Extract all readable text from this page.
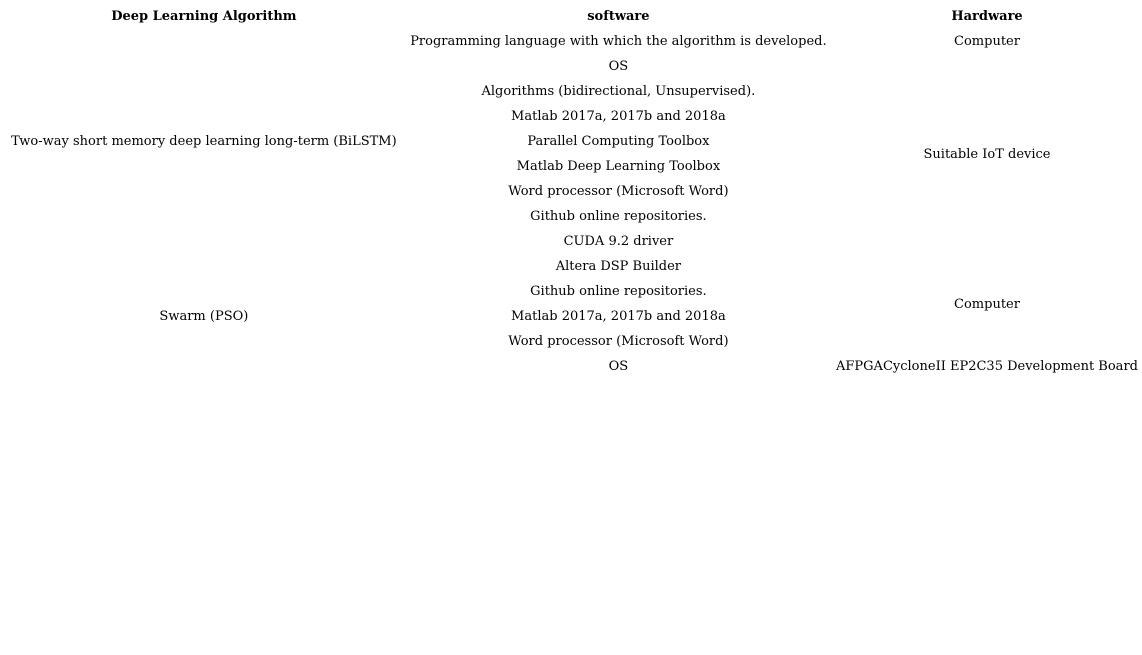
Deep Learning Algorithm	software	Hardware
Two-way short memory deep learning long-term (BiLSTM)	Programming language with which the algorithm is developed.	Computer
	OS	Suitable IoT device
	Algorithms (bidirectional, Unsupervised).	
	Matlab 2017a, 2017b and 2018a	
	Parallel Computing Toolbox	
	Matlab Deep Learning Toolbox	
	Word processor (Microsoft Word)	
	Github online repositories.	
	CUDA 9.2 driver	
Swarm (PSO)	Altera DSP Builder	Computer
	Github online repositories.	
	Matlab 2017a, 2017b and 2018a	
	Word processor (Microsoft Word)	
	OS	AFPGACycloneII EP2C35 Development Board
